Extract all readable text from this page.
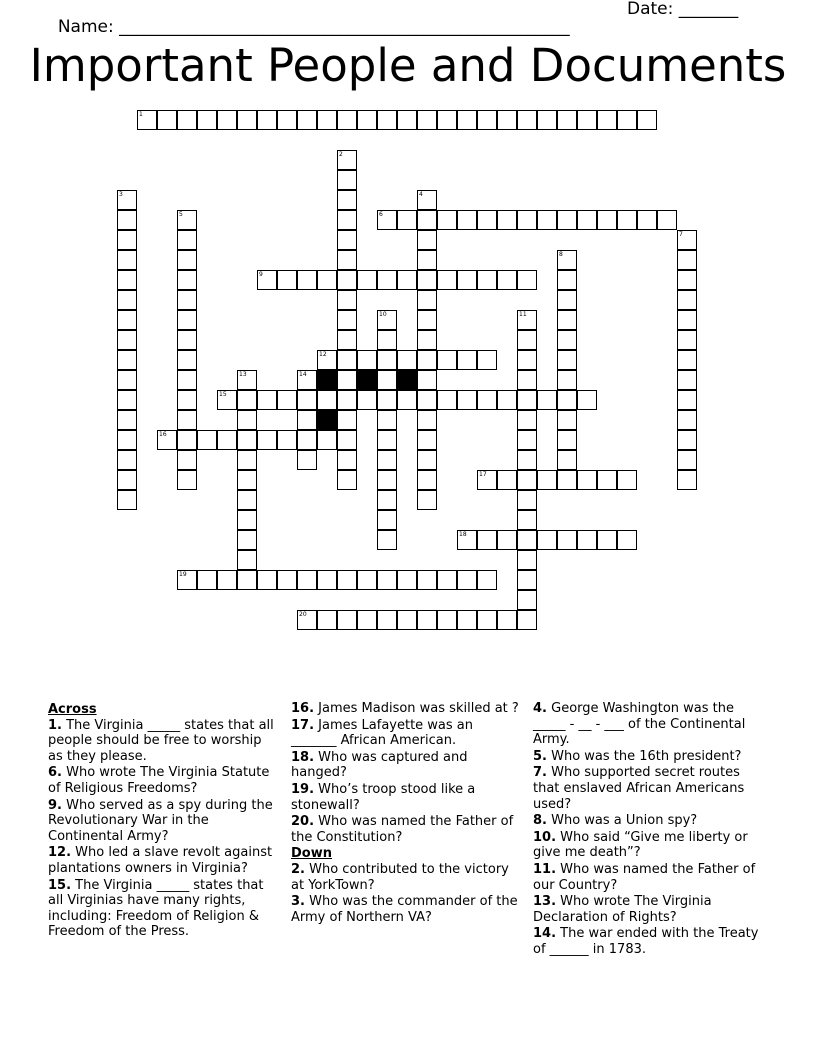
Name: _____________________________________________________

Date: _______

Important People and Documents
1
2
3	4
5	6
7
8
9
10	11
12
13	14
15
16
17
18
19
20
Across
1. The Virginia _____ states that all people should be free to worship as they please.
6. Who wrote The Virginia Statute of Religious Freedoms?
9. Who served as a spy during the Revolutionary War in the Continental Army?
12. Who led a slave revolt against plantations owners in Virginia?
15. The Virginia _____ states that all Virginias have many rights, including: Freedom of Religion & Freedom of the Press.
16. James Madison was skilled at ?
17. James Lafayette was an _______ African American.
18. Who was captured and hanged?
19. Who’s troop stood like a stonewall?
20. Who was named the Father of the Constitution?
Down
2. Who contributed to the victory at YorkTown?
3. Who was the commander of the Army of Northern VA?
4. George Washington was the _____ - __ - ___ of the Continental Army.
5. Who was the 16th president?
7. Who supported secret routes that enslaved African Americans used?
8. Who was a Union spy?
10. Who said “Give me liberty or give me death”?
11. Who was named the Father of our Country?
13. Who wrote The Virginia Declaration of Rights?
14. The war ended with the Treaty of ______ in 1783.
